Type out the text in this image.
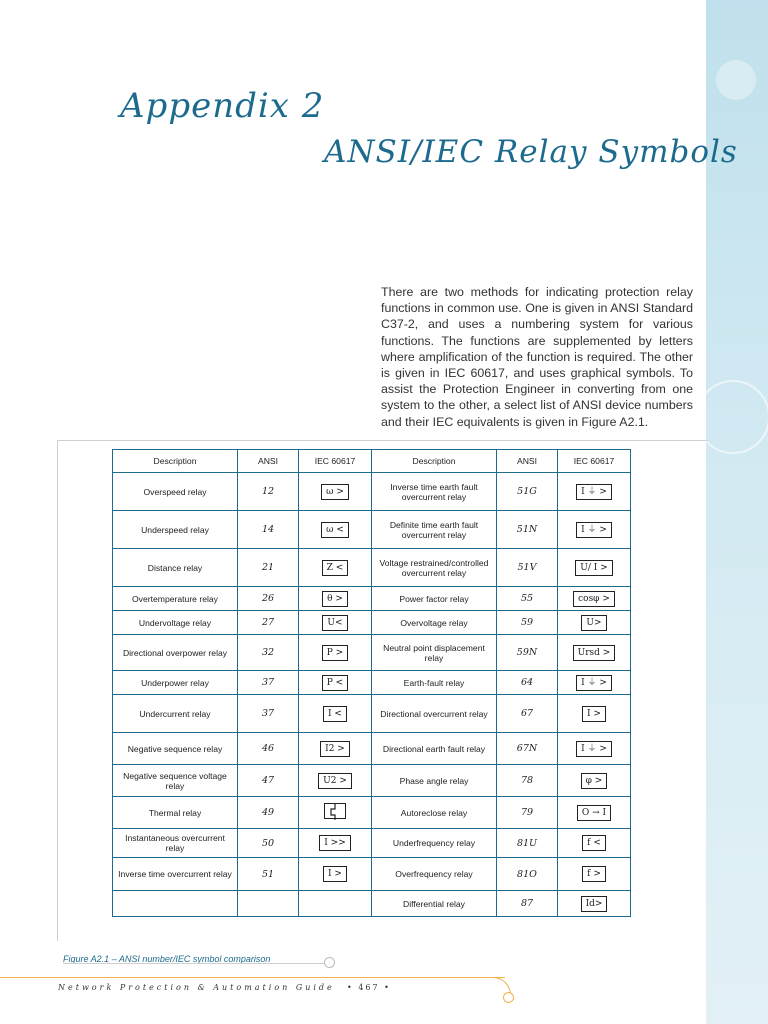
Appendix 2
ANSI/IEC Relay Symbols
There are two methods for indicating protection relay functions in common use. One is given in ANSI Standard C37-2, and uses a numbering system for various functions. The functions are supplemented by letters where amplification of the function is required. The other is given in IEC 60617, and uses graphical symbols. To assist the Protection Engineer in converting from one system to the other, a select list of ANSI device numbers and their IEC equivalents is given in Figure A2.1.
Description	ANSI	IEC 60617	Description	ANSI	IEC 60617
Overspeed relay	12	ω >	Inverse time earth fault overcurrent relay	51G	I ⏚ >
Underspeed relay	14	ω <	Definite time earth fault overcurrent relay	51N	I ⏚ >
Distance relay	21	Z <	Voltage restrained/controlled overcurrent relay	51V	U/ I >
Overtemperature relay	26	θ >	Power factor relay	55	cosφ >
Undervoltage relay	27	U<	Overvoltage relay	59	U>
Directional overpower relay	32	P >	Neutral point displacement relay	59N	Ursd >
Underpower relay	37	P <	Earth-fault relay	64	I ⏚ >
Undercurrent relay	37	I <	Directional overcurrent relay	67	I >
Negative sequence relay	46	I2 >	Directional earth fault relay	67N	I ⏚ >
Negative sequence voltage relay	47	U2 >	Phase angle relay	78	φ >
Thermal relay	49		Autoreclose relay	79	O → I
Instantaneous overcurrent relay	50	I >>	Underfrequency relay	81U	f <
Inverse time overcurrent relay	51	I >	Overfrequency relay	81O	f >
			Differential relay	87	Id>
Figure A2.1 – ANSI number/IEC symbol comparison
Network Protection & Automation Guide • 467 •
